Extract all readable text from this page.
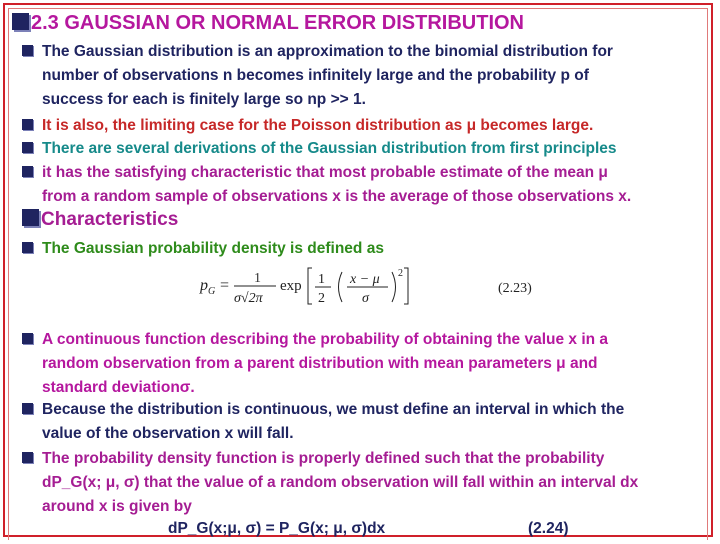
2.3 GAUSSIAN OR NORMAL ERROR DISTRIBUTION
The Gaussian distribution is an approximation to the binomial distribution for
number of observations n becomes infinitely large and the probability p of
success for each is finitely large so np >> 1.
It is also, the limiting case for the Poisson distribution as μ becomes large.
There are several derivations of the Gaussian distribution from first principles
it has the satisfying characteristic that most probable estimate of the mean μ
from a random sample of observations x is the average of those observations x.
Characteristics
The Gaussian probability density is defined as
p G = 1
σ√2π
exp 1
2
x − μ
σ
2
(2.23)
A continuous function describing the probability of obtaining the value x in a
random observation from a parent distribution with mean parameters μ and
standard deviationσ.
Because the distribution is continuous, we must define an interval in which the
value of the observation x will fall.
The probability density function is properly defined such that the probability
dP_G(x; μ, σ) that the value of a random observation will fall within an interval dx
around x is given by
dP_G(x;μ, σ) = P_G(x; μ, σ)dx	(2.24)
